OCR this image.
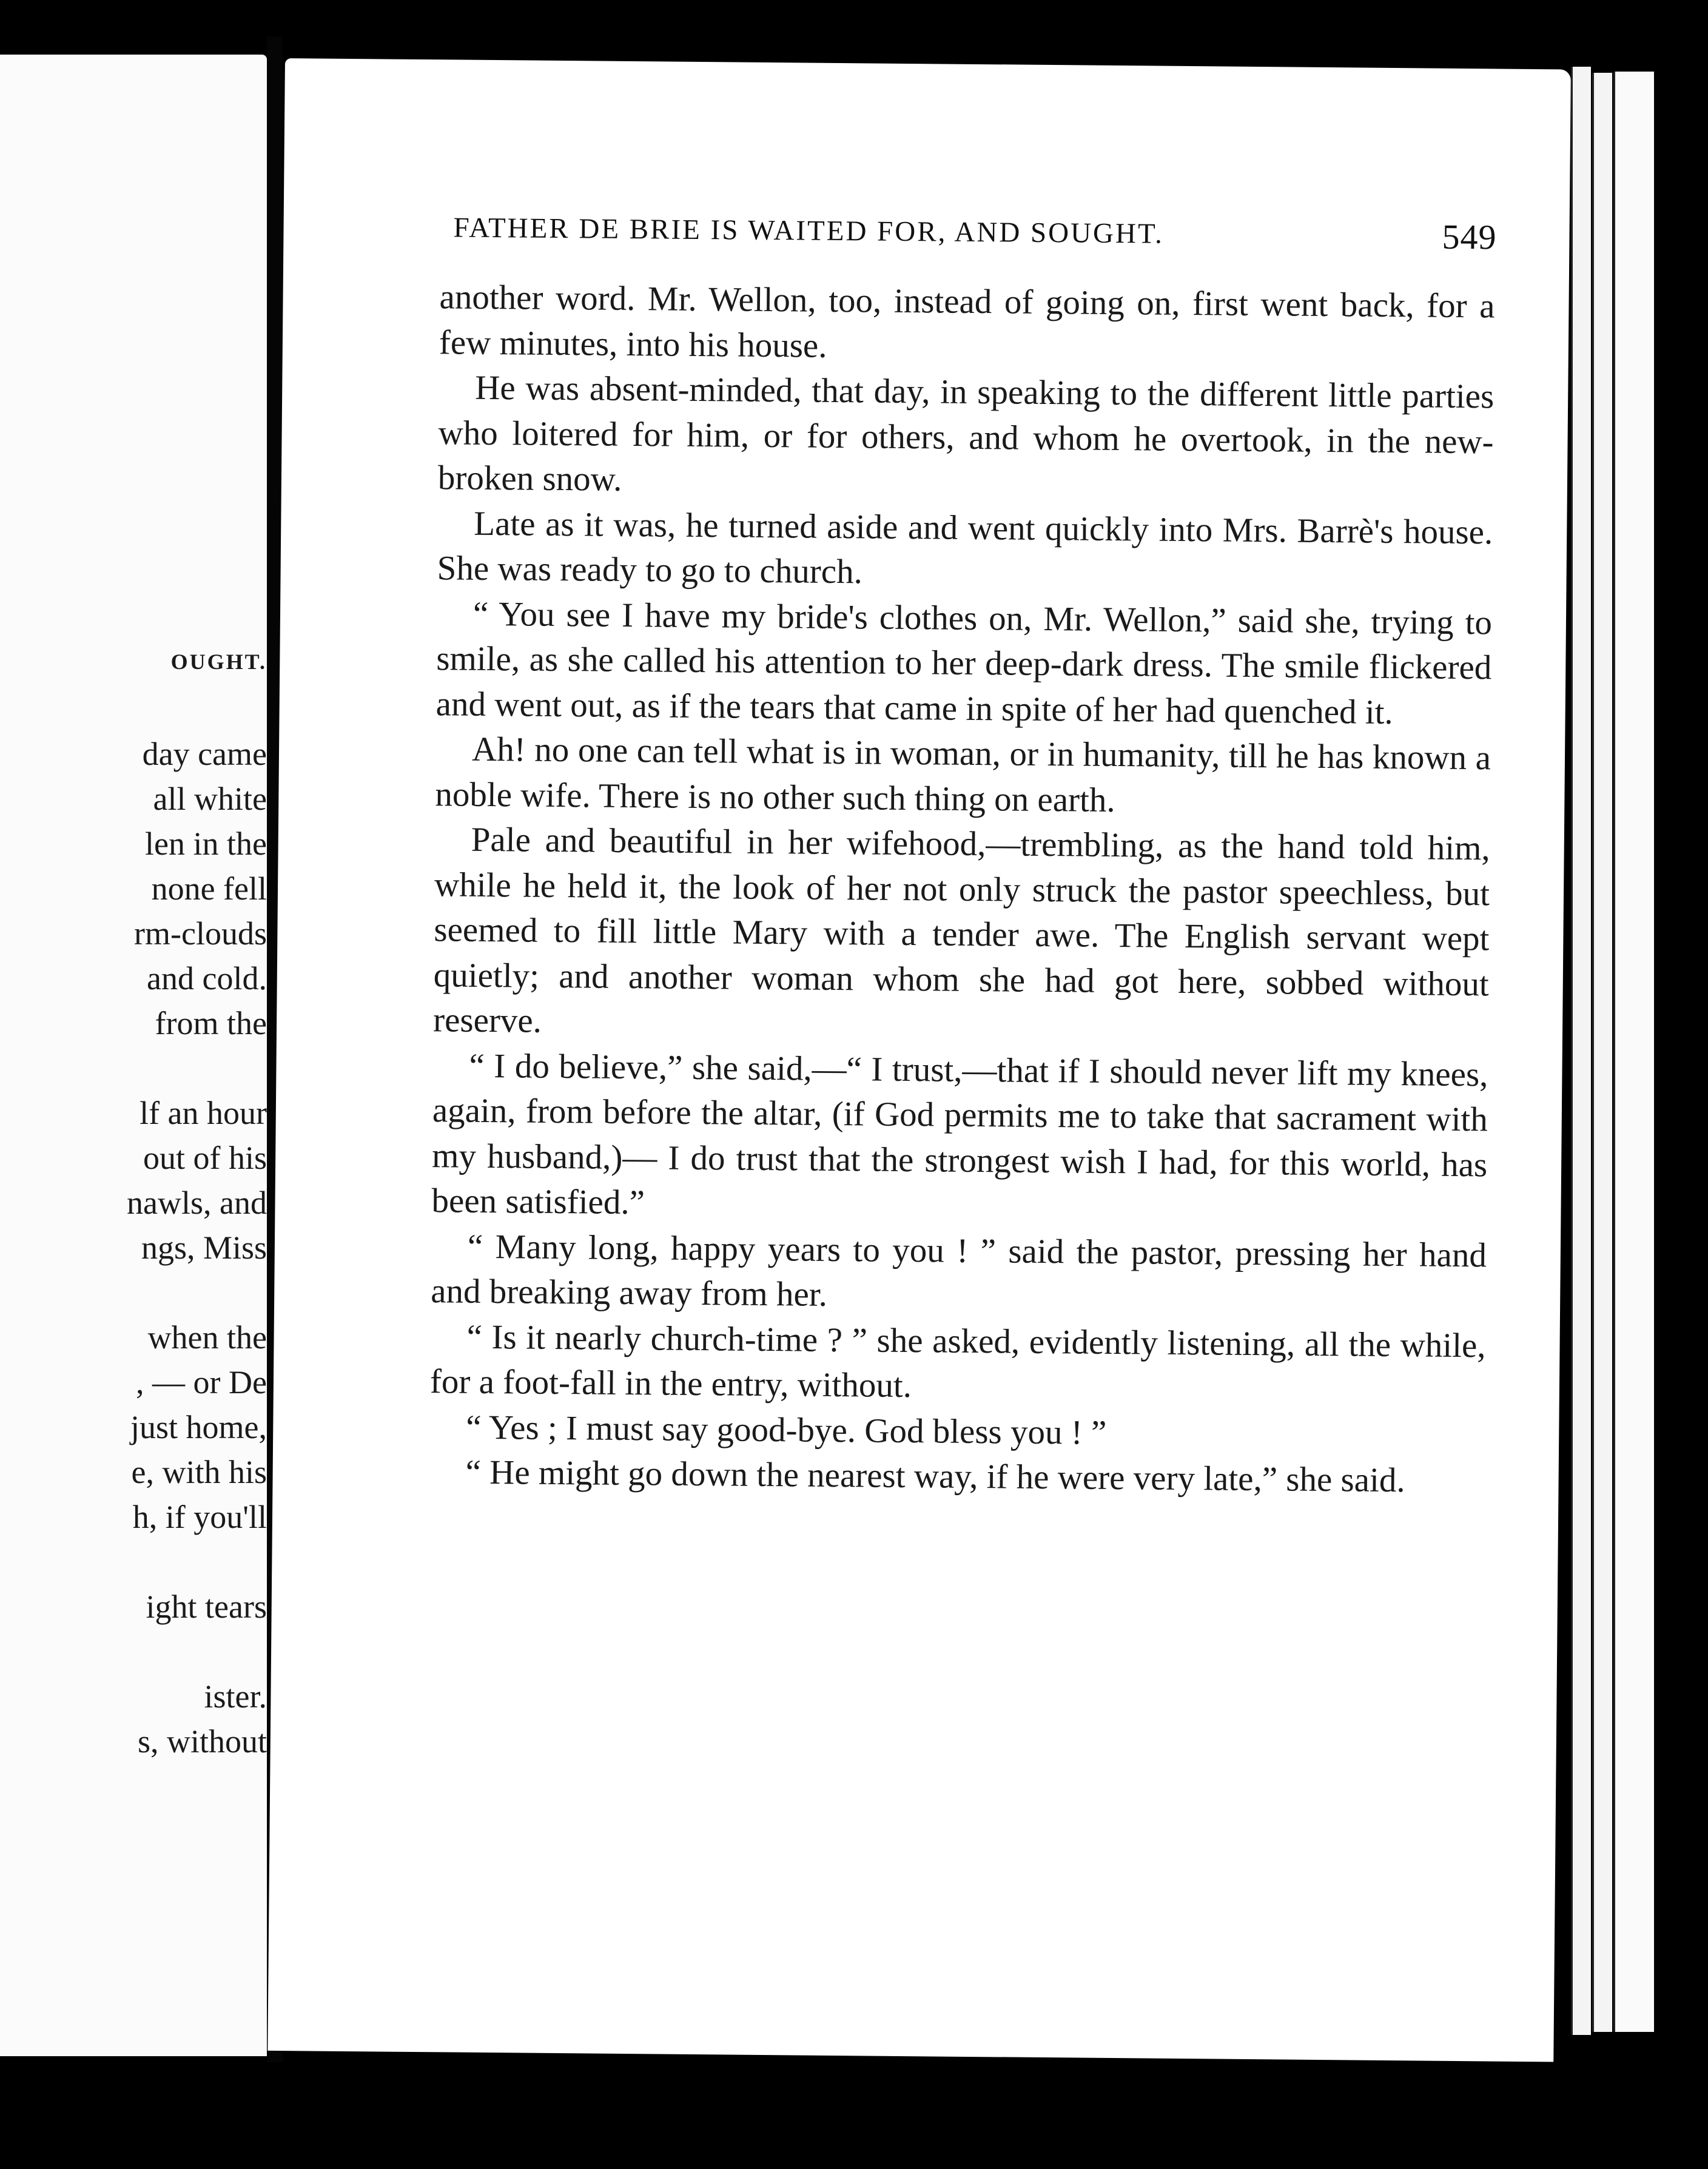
OUGHT.
day came
all white
len in the
none fell
rm-clouds
and cold.
from the
lf an hour
out of his
nawls, and
ngs, Miss
when the
, — or De
just home,
e, with his
h, if you'll
ight tears
ister.
s, without
FATHER DE BRIE IS WAITED FOR, AND SOUGHT.	549

another word. Mr. Wellon, too, instead of going on, first went back, for a few minutes, into his house.

He was absent-minded, that day, in speaking to the different little parties who loitered for him, or for others, and whom he overtook, in the new-broken snow.

Late as it was, he turned aside and went quickly into Mrs. Barrè's house. She was ready to go to church.

“ You see I have my bride's clothes on, Mr. Wellon,” said she, trying to smile, as she called his attention to her deep-dark dress. The smile flickered and went out, as if the tears that came in spite of her had quenched it.

Ah! no one can tell what is in woman, or in humanity, till he has known a noble wife. There is no other such thing on earth.

Pale and beautiful in her wifehood,—trembling, as the hand told him, while he held it, the look of her not only struck the pastor speechless, but seemed to fill little Mary with a tender awe. The English servant wept quietly; and another woman whom she had got here, sobbed without reserve.

“ I do believe,” she said,—“ I trust,—that if I should never lift my knees, again, from before the altar, (if God permits me to take that sacrament with my husband,)— I do trust that the strongest wish I had, for this world, has been satisfied.”

“ Many long, happy years to you ! ” said the pastor, pressing her hand and breaking away from her.

“ Is it nearly church-time ? ” she asked, evidently listening, all the while, for a foot-fall in the entry, without.

“ Yes ; I must say good-bye. God bless you ! ”

“ He might go down the nearest way, if he were very late,” she said.
